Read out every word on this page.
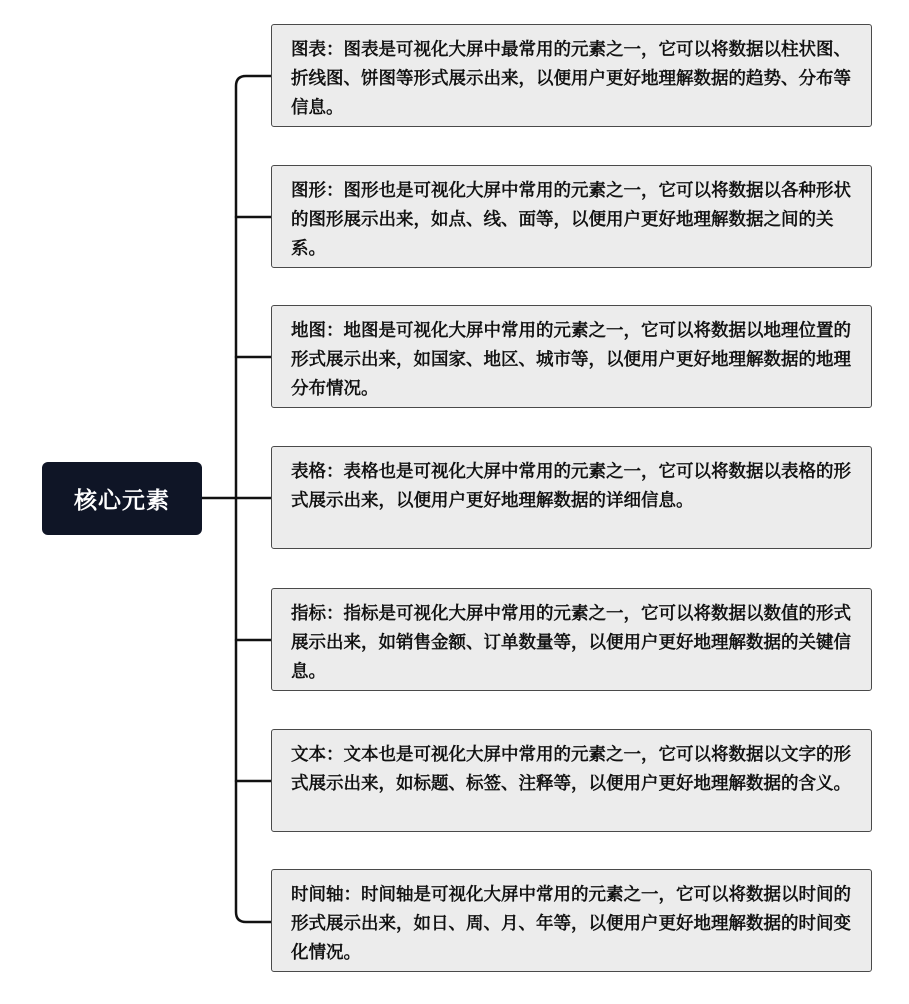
核心元素
图表：图表是可视化大屏中最常用的元素之一，它可以将数据以柱状图、折线图、饼图等形式展示出来，以便用户更好地理解数据的趋势、分布等信息。
图形：图形也是可视化大屏中常用的元素之一，它可以将数据以各种形状的图形展示出来，如点、线、面等，以便用户更好地理解数据之间的关系。
地图：地图是可视化大屏中常用的元素之一，它可以将数据以地理位置的形式展示出来，如国家、地区、城市等，以便用户更好地理解数据的地理分布情况。
表格：表格也是可视化大屏中常用的元素之一，它可以将数据以表格的形式展示出来，以便用户更好地理解数据的详细信息。
指标：指标是可视化大屏中常用的元素之一，它可以将数据以数值的形式展示出来，如销售金额、订单数量等，以便用户更好地理解数据的关键信息。
文本：文本也是可视化大屏中常用的元素之一，它可以将数据以文字的形式展示出来，如标题、标签、注释等，以便用户更好地理解数据的含义。
时间轴：时间轴是可视化大屏中常用的元素之一，它可以将数据以时间的形式展示出来，如日、周、月、年等，以便用户更好地理解数据的时间变化情况。
